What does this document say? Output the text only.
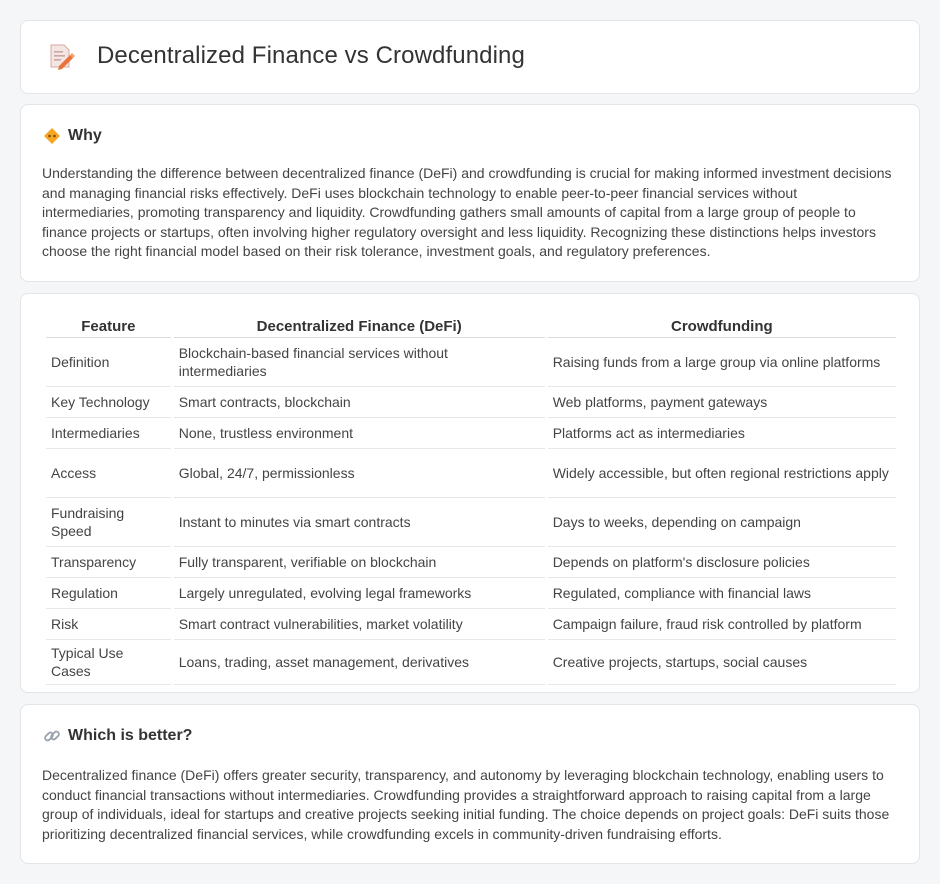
Decentralized Finance vs Crowdfunding
Why

Understanding the difference between decentralized finance (DeFi) and crowdfunding is crucial for making informed investment decisions and managing financial risks effectively. DeFi uses blockchain technology to enable peer-to-peer financial services without intermediaries, promoting transparency and liquidity. Crowdfunding gathers small amounts of capital from a large group of people to finance projects or startups, often involving higher regulatory oversight and less liquidity. Recognizing these distinctions helps investors choose the right financial model based on their risk tolerance, investment goals, and regulatory preferences.

Feature	Decentralized Finance (DeFi)	Crowdfunding
Definition	Blockchain-based financial services without intermediaries	Raising funds from a large group via online platforms
Key Technology	Smart contracts, blockchain	Web platforms, payment gateways
Intermediaries	None, trustless environment	Platforms act as intermediaries
Access	Global, 24/7, permissionless	Widely accessible, but often regional restrictions apply
Fundraising Speed	Instant to minutes via smart contracts	Days to weeks, depending on campaign
Transparency	Fully transparent, verifiable on blockchain	Depends on platform's disclosure policies
Regulation	Largely unregulated, evolving legal frameworks	Regulated, compliance with financial laws
Risk	Smart contract vulnerabilities, market volatility	Campaign failure, fraud risk controlled by platform
Typical Use Cases	Loans, trading, asset management, derivatives	Creative projects, startups, social causes
Which is better?

Decentralized finance (DeFi) offers greater security, transparency, and autonomy by leveraging blockchain technology, enabling users to conduct financial transactions without intermediaries. Crowdfunding provides a straightforward approach to raising capital from a large group of individuals, ideal for startups and creative projects seeking initial funding. The choice depends on project goals: DeFi suits those prioritizing decentralized financial services, while crowdfunding excels in community-driven fundraising efforts.
